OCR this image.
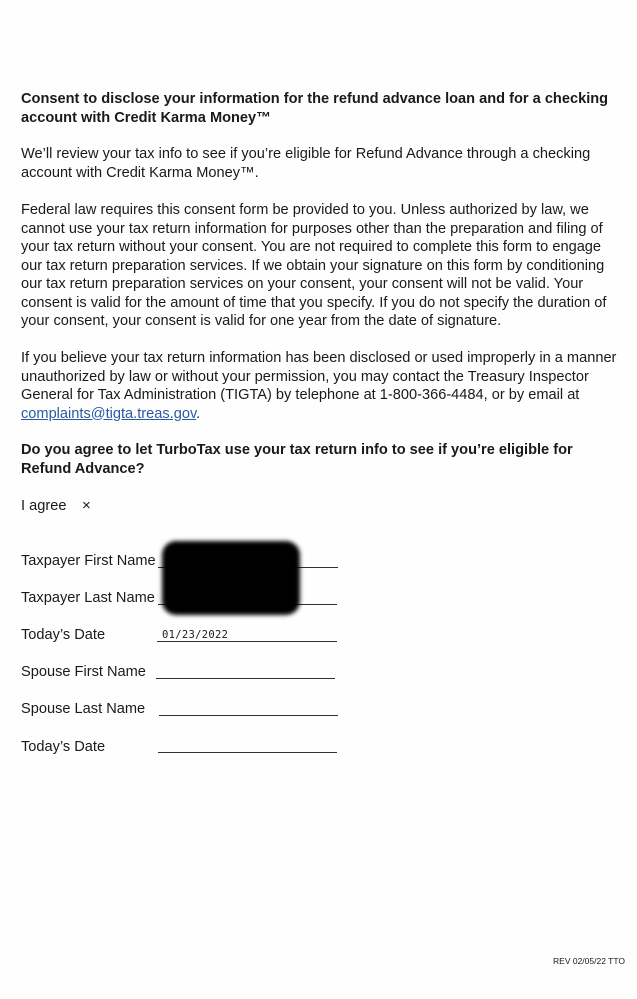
Consent to disclose your information for the refund advance loan and for a checking account with Credit Karma Money™

We’ll review your tax info to see if you’re eligible for Refund Advance through a checking account with Credit Karma Money™.

Federal law requires this consent form be provided to you. Unless authorized by law, we cannot use your tax return information for purposes other than the preparation and filing of your tax return without your consent. You are not required to complete this form to engage our tax return preparation services. If we obtain your signature on this form by conditioning our tax return preparation services on your consent, your consent will not be valid. Your consent is valid for the amount of time that you specify. If you do not specify the duration of your consent, your consent is valid for one year from the date of signature.

If you believe your tax return information has been disclosed or used improperly in a manner unauthorized by law or without your permission, you may contact the Treasury Inspector General for Tax Administration (TIGTA) by telephone at 1-800-366-4484, or by email at complaints@tigta.treas.gov.

Do you agree to let TurboTax use your tax return info to see if you’re eligible for Refund Advance?

I agree ×
Taxpayer First Name
Taxpayer Last Name
Today’s Date	01/23/2022
Spouse First Name
Spouse Last Name
Today’s Date
REV 02/05/22 TTO
